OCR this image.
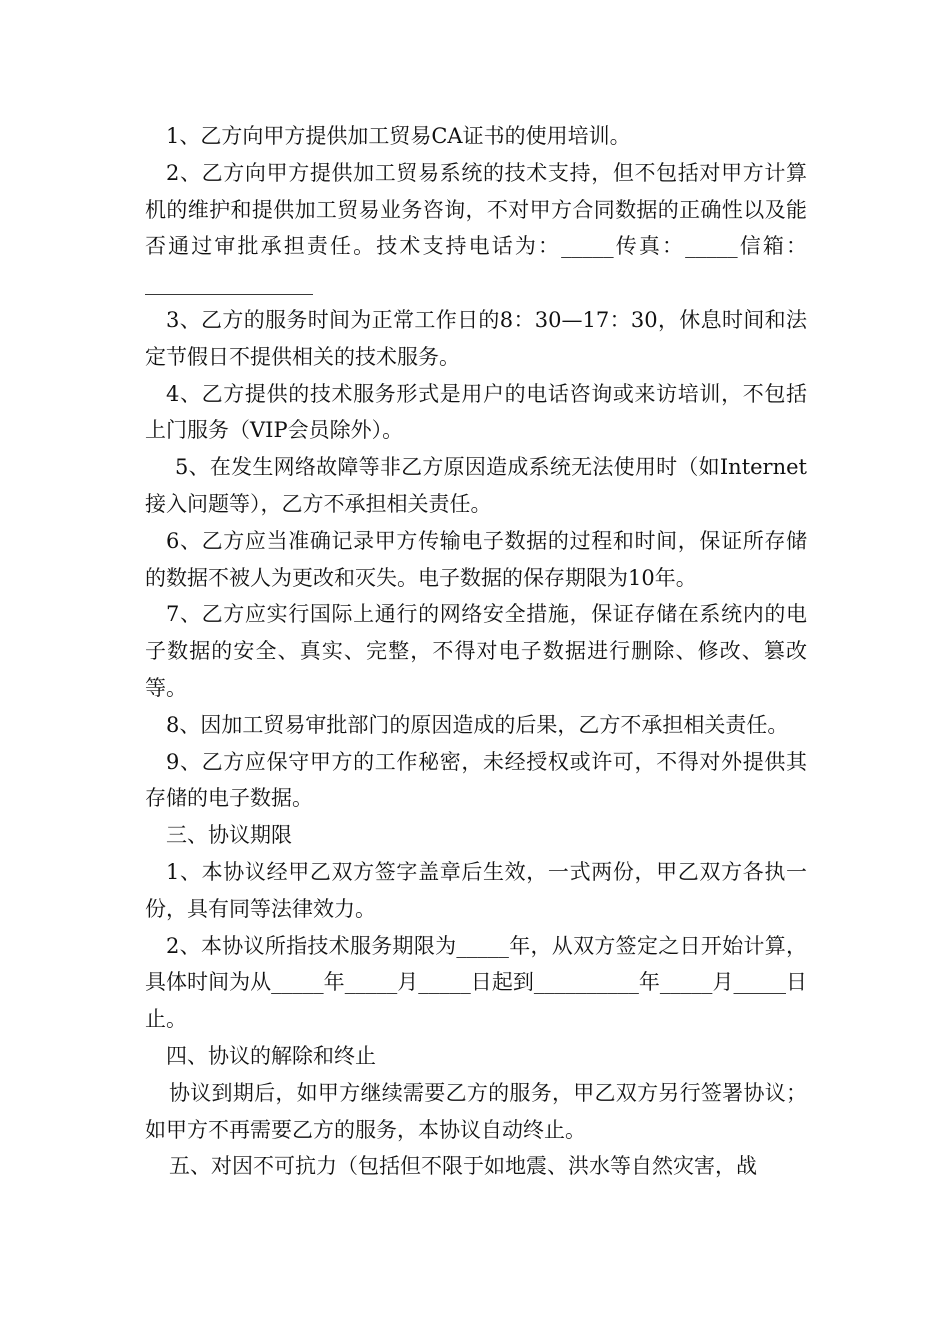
1、乙方向甲方提供加工贸易CA证书的使用培训。

2、乙方向甲方提供加工贸易系统的技术支持，但不包括对甲方计算机的维护和提供加工贸易业务咨询，不对甲方合同数据的正确性以及能否通过审批承担责任。技术支持电话为：_____传真：_____信箱：________________

3、乙方的服务时间为正常工作日的8：30—17：30，休息时间和法定节假日不提供相关的技术服务。

4、乙方提供的技术服务形式是用户的电话咨询或来访培训，不包括上门服务（VIP会员除外）。

5、在发生网络故障等非乙方原因造成系统无法使用时（如Internet接入问题等），乙方不承担相关责任。

6、乙方应当准确记录甲方传输电子数据的过程和时间，保证所存储的数据不被人为更改和灭失。电子数据的保存期限为10年。

7、乙方应实行国际上通行的网络安全措施，保证存储在系统内的电子数据的安全、真实、完整，不得对电子数据进行删除、修改、篡改等。

8、因加工贸易审批部门的原因造成的后果，乙方不承担相关责任。

9、乙方应保守甲方的工作秘密，未经授权或许可，不得对外提供其存储的电子数据。

三、协议期限

1、本协议经甲乙双方签字盖章后生效，一式两份，甲乙双方各执一份，具有同等法律效力。

2、本协议所指技术服务期限为_____年，从双方签定之日开始计算，具体时间为从_____年_____月_____日起到__________年_____月_____日止。

四、协议的解除和终止

协议到期后，如甲方继续需要乙方的服务，甲乙双方另行签署协议；如甲方不再需要乙方的服务，本协议自动终止。

五、对因不可抗力（包括但不限于如地震、洪水等自然灾害，战
